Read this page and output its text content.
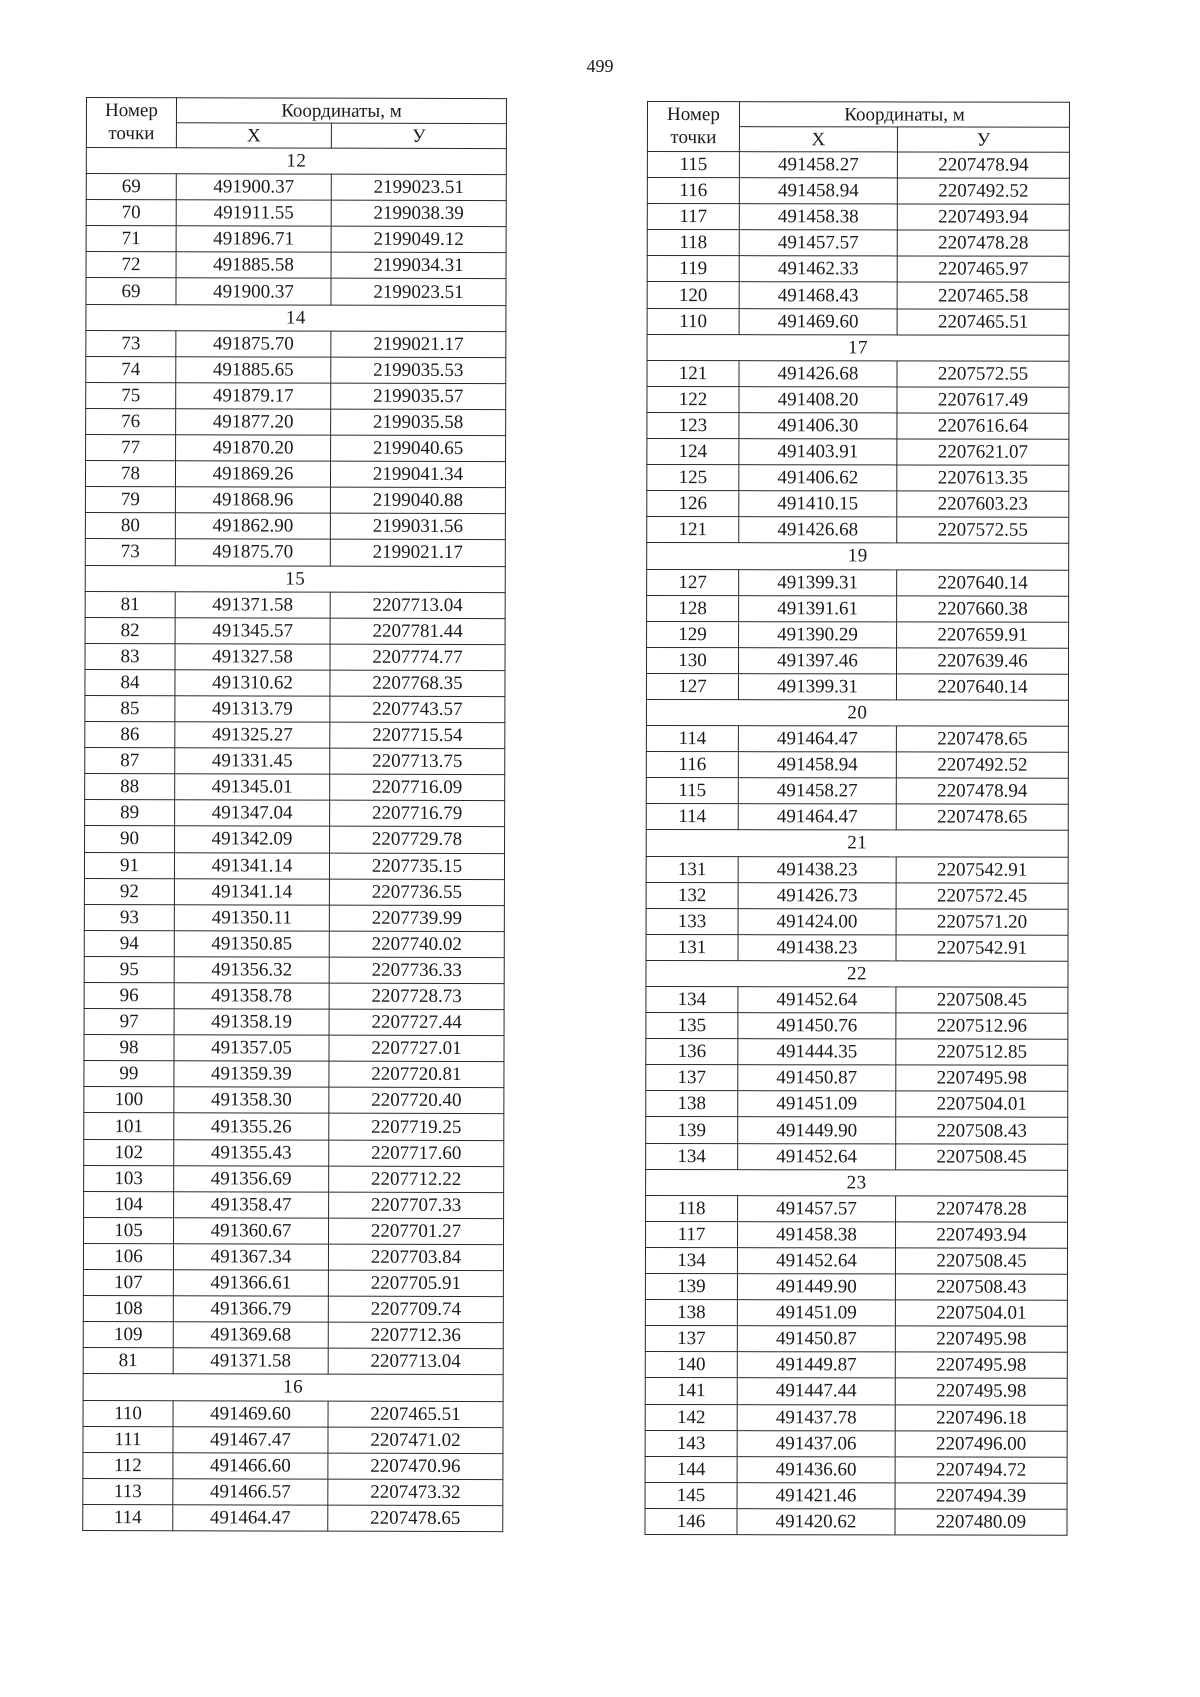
499
Номер точки	Координаты, м	
	X	У
12		
69	491900.37	2199023.51
70	491911.55	2199038.39
71	491896.71	2199049.12
72	491885.58	2199034.31
69	491900.37	2199023.51
14		
73	491875.70	2199021.17
74	491885.65	2199035.53
75	491879.17	2199035.57
76	491877.20	2199035.58
77	491870.20	2199040.65
78	491869.26	2199041.34
79	491868.96	2199040.88
80	491862.90	2199031.56
73	491875.70	2199021.17
15		
81	491371.58	2207713.04
82	491345.57	2207781.44
83	491327.58	2207774.77
84	491310.62	2207768.35
85	491313.79	2207743.57
86	491325.27	2207715.54
87	491331.45	2207713.75
88	491345.01	2207716.09
89	491347.04	2207716.79
90	491342.09	2207729.78
91	491341.14	2207735.15
92	491341.14	2207736.55
93	491350.11	2207739.99
94	491350.85	2207740.02
95	491356.32	2207736.33
96	491358.78	2207728.73
97	491358.19	2207727.44
98	491357.05	2207727.01
99	491359.39	2207720.81
100	491358.30	2207720.40
101	491355.26	2207719.25
102	491355.43	2207717.60
103	491356.69	2207712.22
104	491358.47	2207707.33
105	491360.67	2207701.27
106	491367.34	2207703.84
107	491366.61	2207705.91
108	491366.79	2207709.74
109	491369.68	2207712.36
81	491371.58	2207713.04
16		
110	491469.60	2207465.51
111	491467.47	2207471.02
112	491466.60	2207470.96
113	491466.57	2207473.32
114	491464.47	2207478.65
Номер точки	Координаты, м	
	X	У
115	491458.27	2207478.94
116	491458.94	2207492.52
117	491458.38	2207493.94
118	491457.57	2207478.28
119	491462.33	2207465.97
120	491468.43	2207465.58
110	491469.60	2207465.51
17		
121	491426.68	2207572.55
122	491408.20	2207617.49
123	491406.30	2207616.64
124	491403.91	2207621.07
125	491406.62	2207613.35
126	491410.15	2207603.23
121	491426.68	2207572.55
19		
127	491399.31	2207640.14
128	491391.61	2207660.38
129	491390.29	2207659.91
130	491397.46	2207639.46
127	491399.31	2207640.14
20		
114	491464.47	2207478.65
116	491458.94	2207492.52
115	491458.27	2207478.94
114	491464.47	2207478.65
21		
131	491438.23	2207542.91
132	491426.73	2207572.45
133	491424.00	2207571.20
131	491438.23	2207542.91
22		
134	491452.64	2207508.45
135	491450.76	2207512.96
136	491444.35	2207512.85
137	491450.87	2207495.98
138	491451.09	2207504.01
139	491449.90	2207508.43
134	491452.64	2207508.45
23		
118	491457.57	2207478.28
117	491458.38	2207493.94
134	491452.64	2207508.45
139	491449.90	2207508.43
138	491451.09	2207504.01
137	491450.87	2207495.98
140	491449.87	2207495.98
141	491447.44	2207495.98
142	491437.78	2207496.18
143	491437.06	2207496.00
144	491436.60	2207494.72
145	491421.46	2207494.39
146	491420.62	2207480.09
